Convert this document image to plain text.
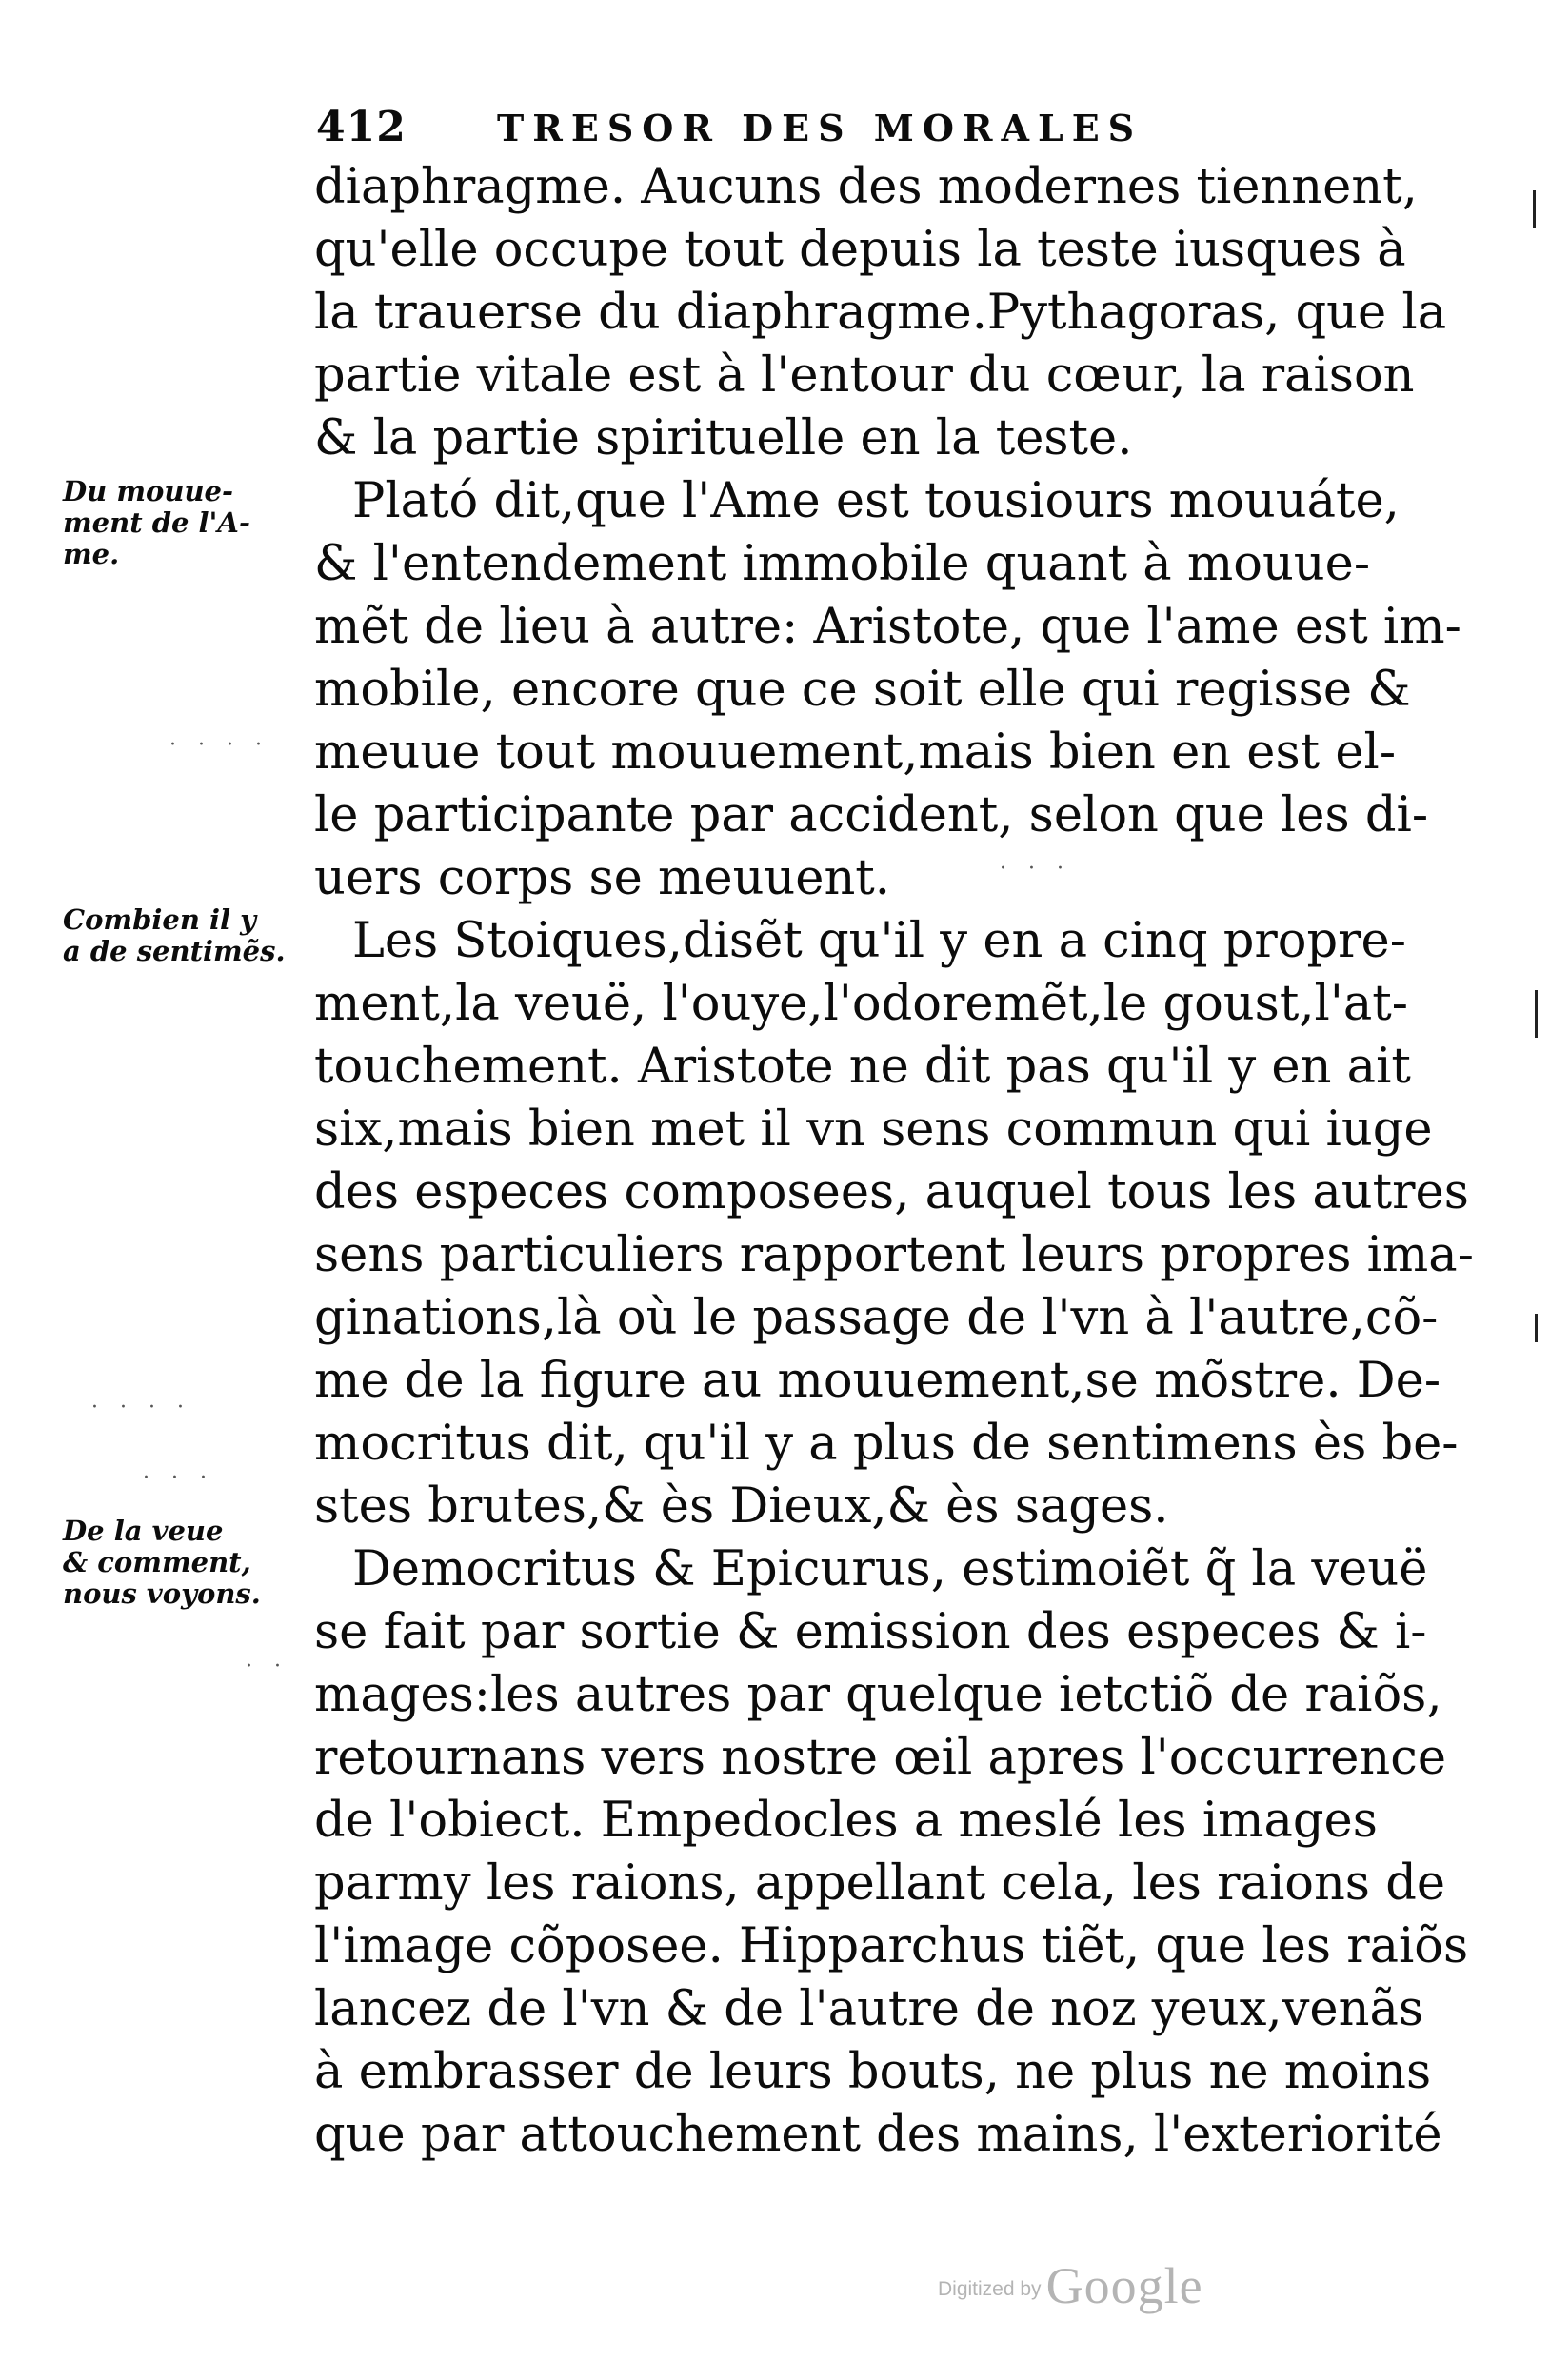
412	TRESOR DES MORALES
Du mouue-
ment de l'A-
me.
Combien il y
a de sentimẽs.
De la veue
& comment,
nous voyons.
diaphragme. Aucuns des modernes tiennent,
qu'elle occupe tout depuis la teste iusques à
la trauerse du diaphragme.Pythagoras, que la
partie vitale est à l'entour du cœur, la raison
& la partie spirituelle en la teste.
Plató dit,que l'Ame est tousiours mouuáte,
& l'entendement immobile quant à mouue-
mẽt de lieu à autre: Aristote, que l'ame est im-
mobile, encore que ce soit elle qui regisse &
meuue tout mouuement,mais bien en est el-
le participante par accident, selon que les di-
uers corps se meuuent.
Les Stoiques,disẽt qu'il y en a cinq propre-
ment,la veuë, l'ouye,l'odoremẽt,le goust,l'at-
touchement. Aristote ne dit pas qu'il y en ait
six,mais bien met il vn sens commun qui iuge
des especes composees, auquel tous les autres
sens particuliers rapportent leurs propres ima-
ginations,là où le passage de l'vn à l'autre,cõ-
me de la figure au mouuement,se mõstre. De-
mocritus dit, qu'il y a plus de sentimens ès be-
stes brutes,& ès Dieux,& ès sages.
Democritus & Epicurus, estimoiẽt q̃ la veuë
se fait par sortie & emission des especes & i-
mages:les autres par quelque ietctiõ de raiõs,
retournans vers nostre œil apres l'occurrence
de l'obiect. Empedocles a meslé les images
parmy les raions, appellant cela, les raions de
l'image cõposee. Hipparchus tiẽt, que les raiõs
lancez de l'vn & de l'autre de noz yeux,venãs
à embrasser de leurs bouts, ne plus ne moins
que par attouchement des mains, l'exteriorité
· · · ·
· · · ·
· · ·
· ·
· · ·
Digitized by Google
